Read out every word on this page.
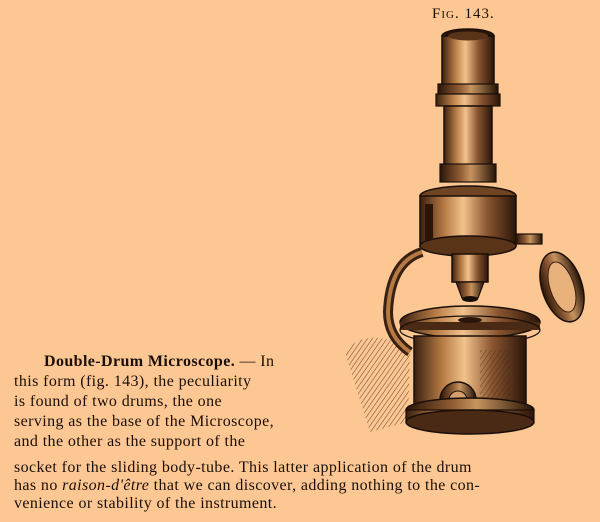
Fig. 143.
Double-Drum Microscope. — In
this form (fig. 143), the peculiarity
is found of two drums, the one
serving as the base of the Microscope,
and the other as the support of the
socket for the sliding body-tube. This latter application of the drum
has no raison-d'être that we can discover, adding nothing to the con-
venience or stability of the instrument.
